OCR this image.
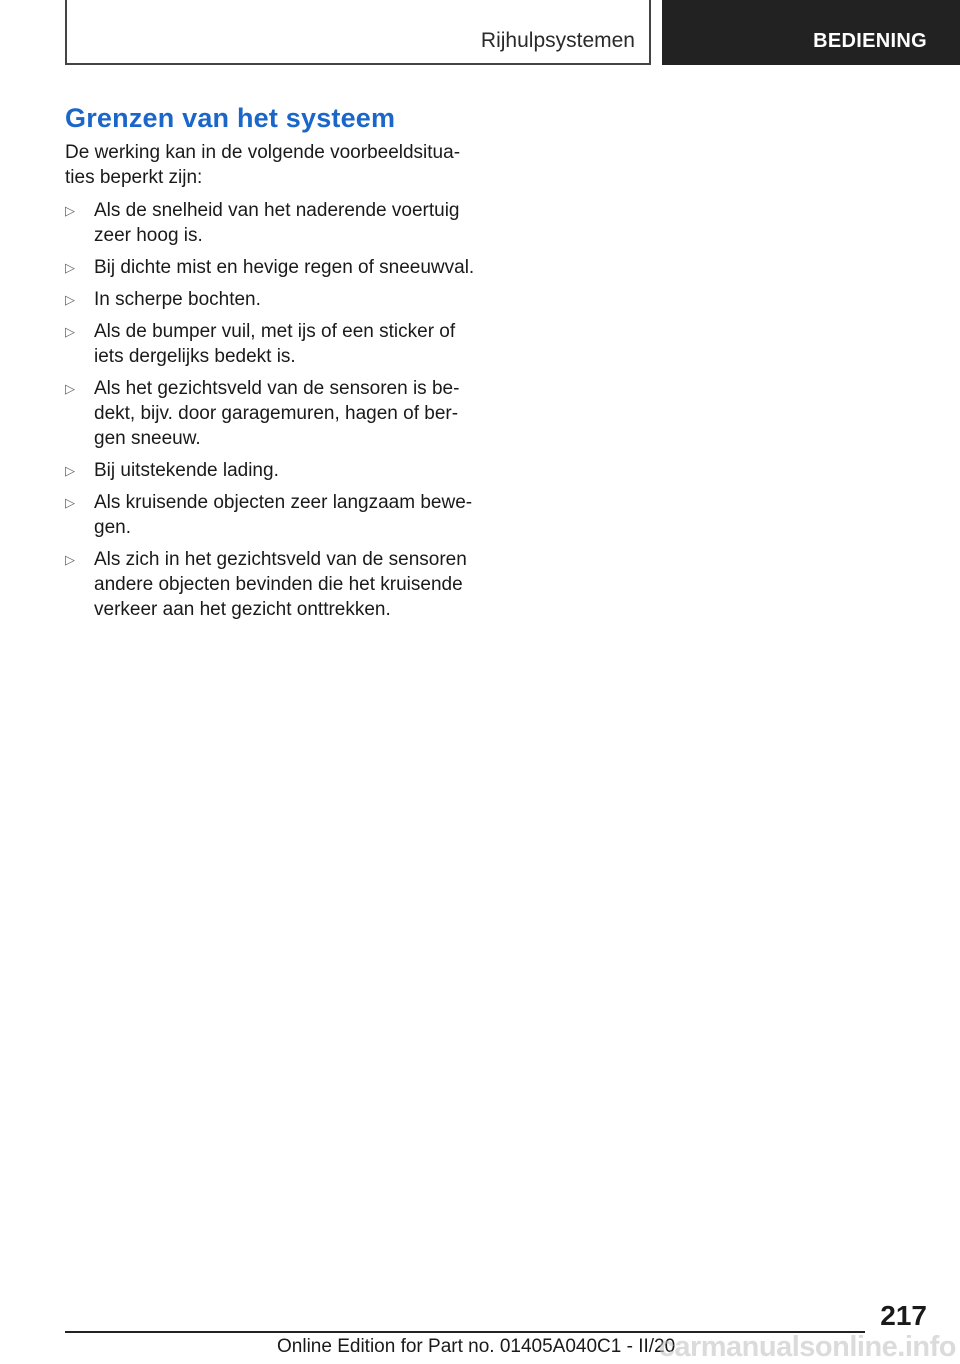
Rijhulpsystemen	BEDIENING
Grenzen van het systeem

De werking kan in de volgende voorbeeldsitua-
ties beperkt zijn:

▷ Als de snelheid van het naderende voertuig
zeer hoog is.
▷ Bij dichte mist en hevige regen of sneeuwval.
▷ In scherpe bochten.
▷ Als de bumper vuil, met ijs of een sticker of
iets dergelijks bedekt is.
▷ Als het gezichtsveld van de sensoren is be-
dekt, bijv. door garagemuren, hagen of ber-
gen sneeuw.
▷ Bij uitstekende lading.
▷ Als kruisende objecten zeer langzaam bewe-
gen.
▷ Als zich in het gezichtsveld van de sensoren
andere objecten bevinden die het kruisende
verkeer aan het gezicht onttrekken.
217
Online Edition for Part no. 01405A040C1 - II/20
carmanualsonline.info
